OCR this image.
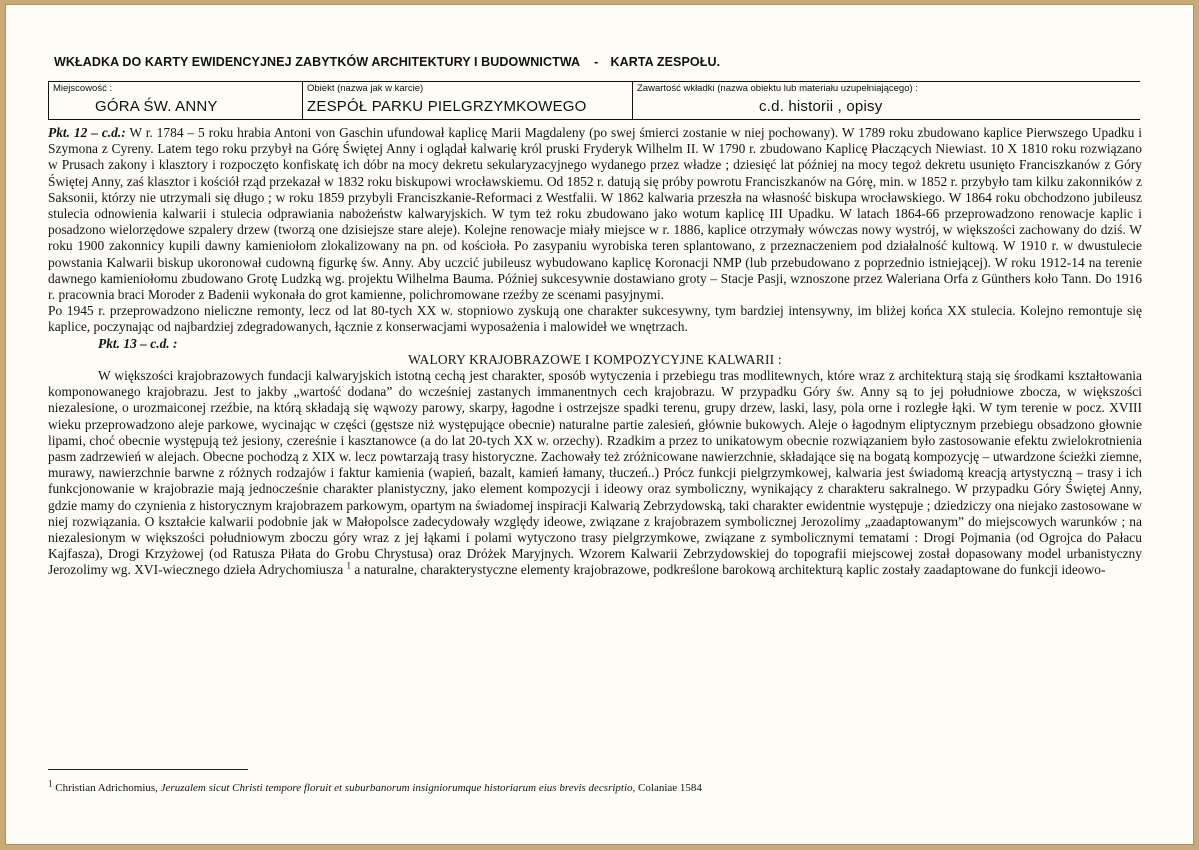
WKŁADKA DO KARTY EWIDENCYJNEJ ZABYTKÓW ARCHITEKTURY I BUDOWNICTWA - KARTA ZESPOŁU.
Miejscowość :
GÓRA ŚW. ANNY
Obiekt (nazwa jak w karcie)
ZESPÓŁ PARKU PIELGRZYMKOWEGO
Zawartość wkładki (nazwa obiektu lub materiału uzupełniającego) :
c.d. historii , opisy

Pkt. 12 – c.d.: W r. 1784 – 5 roku hrabia Antoni von Gaschin ufundował kaplicę Marii Magdaleny (po swej śmierci zostanie w niej pochowany). W 1789 roku zbudowano kaplice Pierwszego Upadku i Szymona z Cyreny. Latem tego roku przybył na Górę Świętej Anny i oglądał kalwarię król pruski Fryderyk Wilhelm II. W 1790 r. zbudowano Kaplicę Płaczących Niewiast. 10 X 1810 roku rozwiązano w Prusach zakony i klasztory i rozpoczęto konfiskatę ich dóbr na mocy dekretu sekularyzacyjnego wydanego przez władze ; dziesięć lat później na mocy tegoż dekretu usunięto Franciszkanów z Góry Świętej Anny, zaś klasztor i kościół rząd przekazał w 1832 roku biskupowi wrocławskiemu. Od 1852 r. datują się próby powrotu Franciszkanów na Górę, min. w 1852 r. przybyło tam kilku zakonników z Saksonii, którzy nie utrzymali się długo ; w roku 1859 przybyli Franciszkanie-Reformaci z Westfalii. W 1862 kalwaria przeszła na własność biskupa wrocławskiego. W 1864 roku obchodzono jubileusz stulecia odnowienia kalwarii i stulecia odprawiania nabożeństw kalwaryjskich. W tym też roku zbudowano jako wotum kaplicę III Upadku. W latach 1864-66 przeprowadzono renowacje kaplic i posadzono wielorzędowe szpalery drzew (tworzą one dzisiejsze stare aleje). Kolejne renowacje miały miejsce w r. 1886, kaplice otrzymały wówczas nowy wystrój, w większości zachowany do dziś. W roku 1900 zakonnicy kupili dawny kamieniołom zlokalizowany na pn. od kościoła. Po zasypaniu wyrobiska teren splantowano, z przeznaczeniem pod działalność kultową. W 1910 r. w dwustulecie powstania Kalwarii biskup ukoronował cudowną figurkę św. Anny. Aby uczcić jubileusz wybudowano kaplicę Koronacji NMP (lub przebudowano z poprzednio istniejącej). W roku 1912-14 na terenie dawnego kamieniołomu zbudowano Grotę Ludzką wg. projektu Wilhelma Bauma. Później sukcesywnie dostawiano groty – Stacje Pasji, wznoszone przez Waleriana Orfa z Günthers koło Tann. Do 1916 r. pracownia braci Moroder z Badenii wykonała do grot kamienne, polichromowane rzeźby ze scenami pasyjnymi.

Po 1945 r. przeprowadzono nieliczne remonty, lecz od lat 80-tych XX w. stopniowo zyskują one charakter sukcesywny, tym bardziej intensywny, im bliżej końca XX stulecia. Kolejno remontuje się kaplice, poczynając od najbardziej zdegradowanych, łącznie z konserwacjami wyposażenia i malowideł we wnętrzach.

Pkt. 13 – c.d. :

WALORY KRAJOBRAZOWE I KOMPOZYCYJNE KALWARII :

W większości krajobrazowych fundacji kalwaryjskich istotną cechą jest charakter, sposób wytyczenia i przebiegu tras modlitewnych, które wraz z architekturą stają się środkami kształtowania komponowanego krajobrazu. Jest to jakby „wartość dodana” do wcześniej zastanych immanentnych cech krajobrazu. W przypadku Góry św. Anny są to jej południowe zbocza, w większości niezalesione, o urozmaiconej rzeźbie, na którą składają się wąwozy parowy, skarpy, łagodne i ostrzejsze spadki terenu, grupy drzew, laski, lasy, pola orne i rozległe łąki. W tym terenie w pocz. XVIII wieku przeprowadzono aleje parkowe, wycinając w części (gęstsze niż występujące obecnie) naturalne partie zalesień, głównie bukowych. Aleje o łagodnym eliptycznym przebiegu obsadzono głownie lipami, choć obecnie występują też jesiony, czereśnie i kasztanowce (a do lat 20-tych XX w. orzechy). Rzadkim a przez to unikatowym obecnie rozwiązaniem było zastosowanie efektu zwielokrotnienia pasm zadrzewień w alejach. Obecne pochodzą z XIX w. lecz powtarzają trasy historyczne. Zachowały też zróżnicowane nawierzchnie, składające się na bogatą kompozycję – utwardzone ścieżki ziemne, murawy, nawierzchnie barwne z różnych rodzajów i faktur kamienia (wapień, bazalt, kamień łamany, tłuczeń..) Prócz funkcji pielgrzymkowej, kalwaria jest świadomą kreacją artystyczną – trasy i ich funkcjonowanie w krajobrazie mają jednocześnie charakter planistyczny, jako element kompozycji i ideowy oraz symboliczny, wynikający z charakteru sakralnego. W przypadku Góry Świętej Anny, gdzie mamy do czynienia z historycznym krajobrazem parkowym, opartym na świadomej inspiracji Kalwarią Zebrzydowską, taki charakter ewidentnie występuje ; dziedziczy ona niejako zastosowane w niej rozwiązania. O kształcie kalwarii podobnie jak w Małopolsce zadecydowały względy ideowe, związane z krajobrazem symbolicznej Jerozolimy „zaadaptowanym” do miejscowych warunków ; na niezalesionym w większości południowym zboczu góry wraz z jej łąkami i polami wytyczono trasy pielgrzymkowe, związane z symbolicznymi tematami : Drogi Pojmania (od Ogrojca do Pałacu Kajfasza), Drogi Krzyżowej (od Ratusza Piłata do Grobu Chrystusa) oraz Dróżek Maryjnych. Wzorem Kalwarii Zebrzydowskiej do topografii miejscowej został dopasowany model urbanistyczny Jerozolimy wg. XVI-wiecznego dzieła Adrychomiusza $^1$ a naturalne, charakterystyczne elementy krajobrazowe, podkreślone barokową architekturą kaplic zostały zaadaptowane do funkcji ideowo-

$^1$ Christian Adrichomius, Jeruzalem sicut Christi tempore floruit et suburbanorum insigniorumque historiarum eius brevis decsriptio, Colaniae 1584
